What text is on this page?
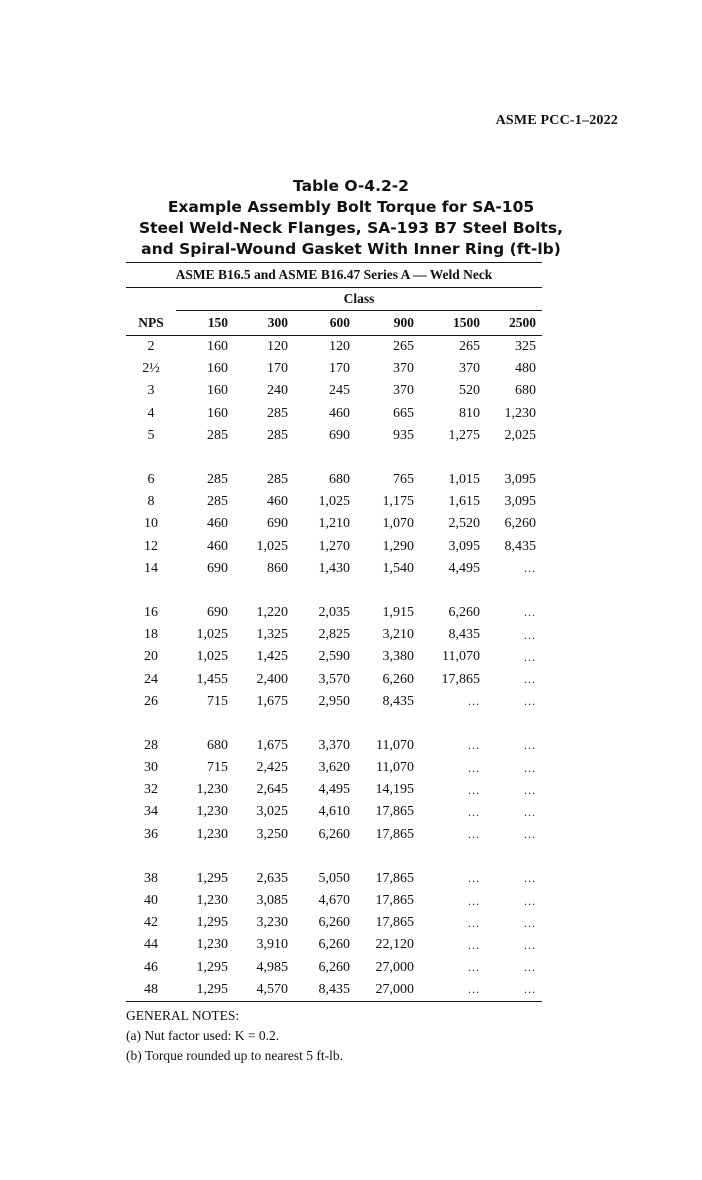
ASME PCC-1–2022
Table O-4.2-2
Example Assembly Bolt Torque for SA-105
Steel Weld-Neck Flanges, SA-193 B7 Steel Bolts,
and Spiral-Wound Gasket With Inner Ring (ft-lb)
ASME B16.5 and ASME B16.47 Series A — Weld Neck						
	Class					
NPS	150	300	600	900	1500	2500
2	160	120	120	265	265	325
2½	160	170	170	370	370	480
3	160	240	245	370	520	680
4	160	285	460	665	810	1,230
5	285	285	690	935	1,275	2,025

6	285	285	680	765	1,015	3,095
8	285	460	1,025	1,175	1,615	3,095
10	460	690	1,210	1,070	2,520	6,260
12	460	1,025	1,270	1,290	3,095	8,435
14	690	860	1,430	1,540	4,495	...

16	690	1,220	2,035	1,915	6,260	...
18	1,025	1,325	2,825	3,210	8,435	...
20	1,025	1,425	2,590	3,380	11,070	...
24	1,455	2,400	3,570	6,260	17,865	...
26	715	1,675	2,950	8,435	...	...

28	680	1,675	3,370	11,070	...	...
30	715	2,425	3,620	11,070	...	...
32	1,230	2,645	4,495	14,195	...	...
34	1,230	3,025	4,610	17,865	...	...
36	1,230	3,250	6,260	17,865	...	...

38	1,295	2,635	5,050	17,865	...	...
40	1,230	3,085	4,670	17,865	...	...
42	1,295	3,230	6,260	17,865	...	...
44	1,230	3,910	6,260	22,120	...	...
46	1,295	4,985	6,260	27,000	...	...
48	1,295	4,570	8,435	27,000	...	...
GENERAL NOTES:
(a) Nut factor used: K = 0.2.
(b) Torque rounded up to nearest 5 ft-lb.
